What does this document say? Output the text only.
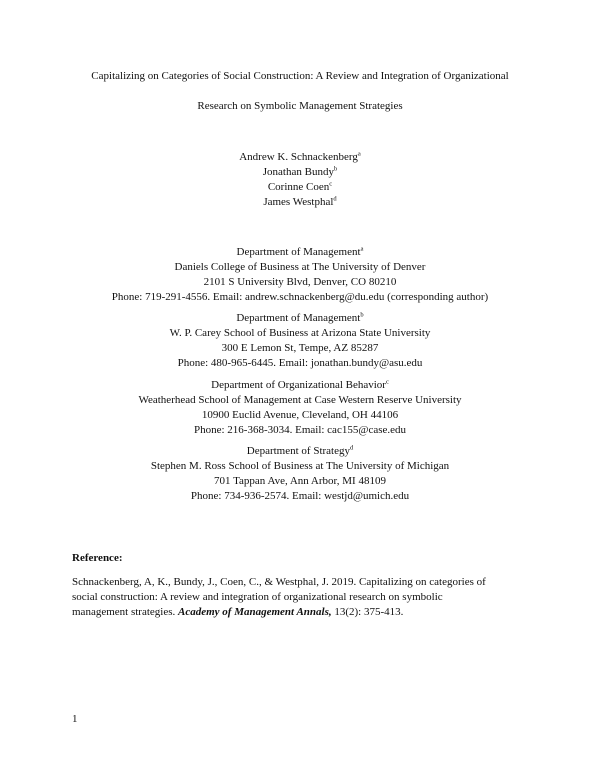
Capitalizing on Categories of Social Construction: A Review and Integration of Organizational
Research on Symbolic Management Strategies
Andrew K. Schnackenberg$^a$
Jonathan Bundy$^b$
Corinne Coen$^c$
James Westphal$^d$
Department of Management$^a$
Daniels College of Business at The University of Denver
2101 S University Blvd, Denver, CO 80210
Phone: 719-291-4556. Email: andrew.schnackenberg@du.edu (corresponding author)
Department of Management$^b$
W. P. Carey School of Business at Arizona State University
300 E Lemon St, Tempe, AZ 85287
Phone: 480-965-6445. Email: jonathan.bundy@asu.edu
Department of Organizational Behavior$^c$
Weatherhead School of Management at Case Western Reserve University
10900 Euclid Avenue, Cleveland, OH 44106
Phone: 216-368-3034. Email: cac155@case.edu
Department of Strategy$^d$
Stephen M. Ross School of Business at The University of Michigan
701 Tappan Ave, Ann Arbor, MI 48109
Phone: 734-936-2574. Email: westjd@umich.edu
Reference:
Schnackenberg, A, K., Bundy, J., Coen, C., & Westphal, J. 2019. Capitalizing on categories of
social construction: A review and integration of organizational research on symbolic
management strategies. Academy of Management Annals, 13(2): 375-413.
1
